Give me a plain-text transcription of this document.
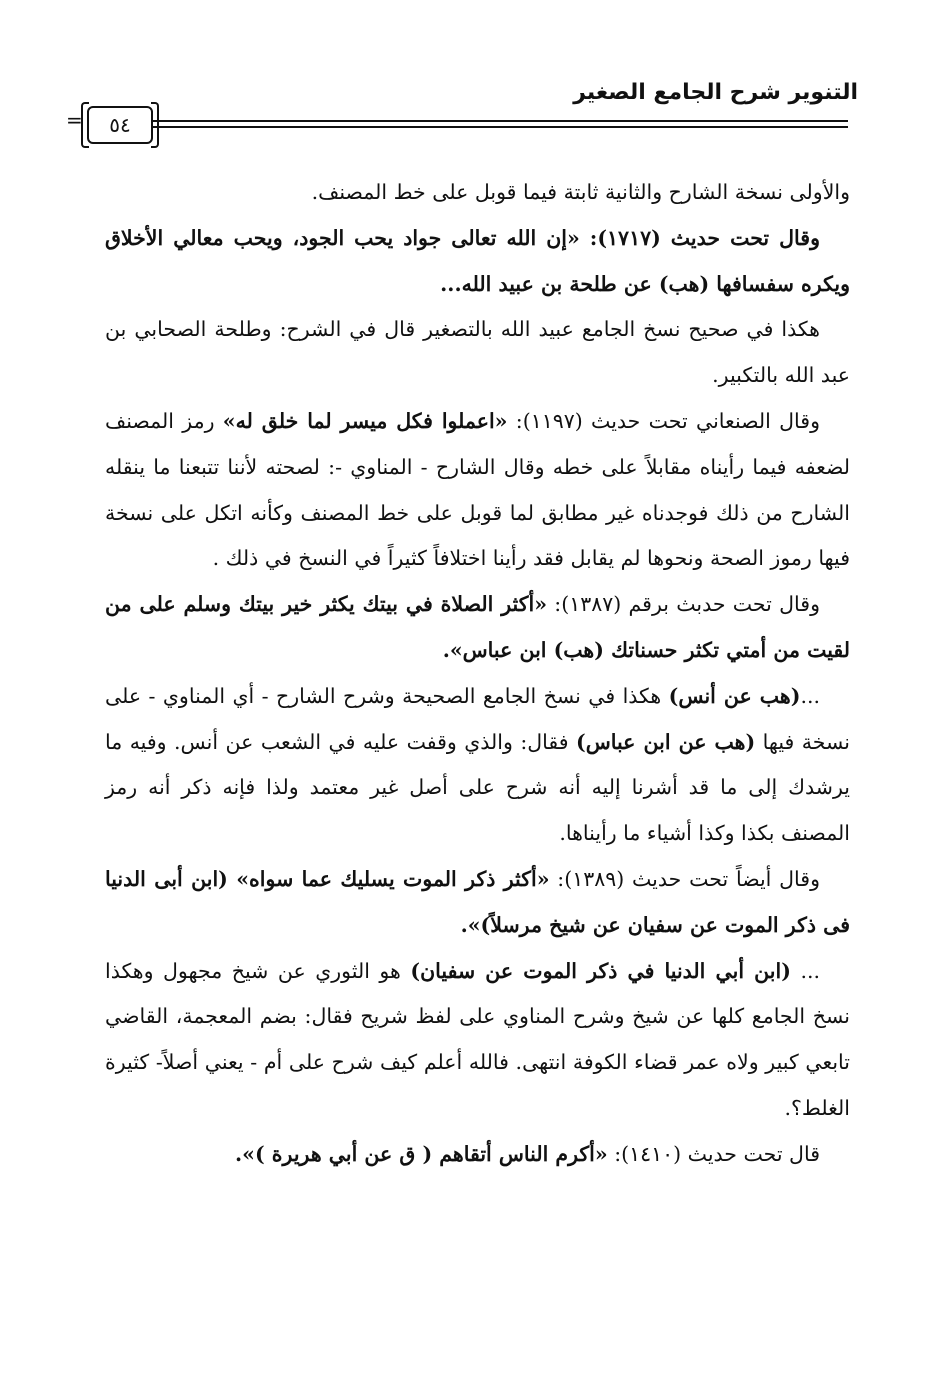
التنوير شرح الجامع الصغير
=	٥٤

والأولى نسخة الشارح والثانية ثابتة فيما قوبل على خط المصنف.

وقال تحت حديث (١٧١٧): «إن الله تعالى جواد يحب الجود، ويحب معالي الأخلاق ويكره سفسافها (هب) عن طلحة بن عبيد الله...

هكذا في صحيح نسخ الجامع عبيد الله بالتصغير قال في الشرح: وطلحة الصحابي بن عبد الله بالتكبير.

وقال الصنعاني تحت حديث (١١٩٧): «اعملوا فكل ميسر لما خلق له» رمز المصنف لضعفه فيما رأيناه مقابلاً على خطه وقال الشارح - المناوي -: لصحته لأننا تتبعنا ما ينقله الشارح من ذلك فوجدناه غير مطابق لما قوبل على خط المصنف وكأنه اتكل على نسخة فيها رموز الصحة ونحوها لم يقابل فقد رأينا اختلافاً كثيراً في النسخ في ذلك .

وقال تحت حدبث برقم (١٣٨٧): «أكثر الصلاة في بيتك يكثر خير بيتك وسلم على من لقيت من أمتي تكثر حسناتك (هب) ابن عباس».

...(هب عن أنس) هكذا في نسخ الجامع الصحيحة وشرح الشارح - أي المناوي - على نسخة فيها (هب عن ابن عباس) فقال: والذي وقفت عليه في الشعب عن أنس. وفيه ما يرشدك إلى ما قد أشرنا إليه أنه شرح على أصل غير معتمد ولذا فإنه ذكر أنه رمز المصنف بكذا وكذا أشياء ما رأيناها.

وقال أيضاً تحت حديث (١٣٨٩): «أكثر ذكر الموت يسليك عما سواه» (ابن أبى الدنيا فى ذكر الموت عن سفيان عن شيخ مرسلاً)».

... (ابن أبي الدنيا في ذكر الموت عن سفيان) هو الثوري عن شيخ مجهول وهكذا نسخ الجامع كلها عن شيخ وشرح المناوي على لفظ شريح فقال: بضم المعجمة، القاضي تابعي كبير ولاه عمر قضاء الكوفة انتهى. فالله أعلم كيف شرح على أم - يعني أصلاً- كثيرة الغلط؟.

قال تحت حديث (١٤١٠): «أكرم الناس أتقاهم ( ق عن أبي هريرة )».
